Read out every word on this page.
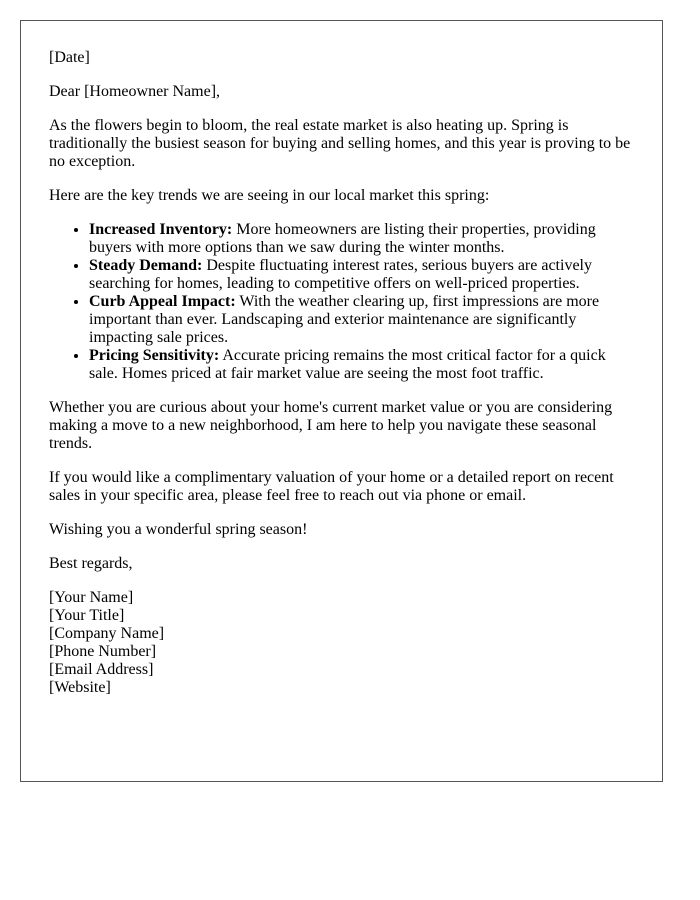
[Date]

Dear [Homeowner Name],

As the flowers begin to bloom, the real estate market is also heating up. Spring is traditionally the busiest season for buying and selling homes, and this year is proving to be no exception.

Here are the key trends we are seeing in our local market this spring:

• Increased Inventory: More homeowners are listing their properties, providing buyers with more options than we saw during the winter months.
• Steady Demand: Despite fluctuating interest rates, serious buyers are actively searching for homes, leading to competitive offers on well-priced properties.
• Curb Appeal Impact: With the weather clearing up, first impressions are more important than ever. Landscaping and exterior maintenance are significantly impacting sale prices.
• Pricing Sensitivity: Accurate pricing remains the most critical factor for a quick sale. Homes priced at fair market value are seeing the most foot traffic.

Whether you are curious about your home's current market value or you are considering making a move to a new neighborhood, I am here to help you navigate these seasonal trends.

If you would like a complimentary valuation of your home or a detailed report on recent sales in your specific area, please feel free to reach out via phone or email.

Wishing you a wonderful spring season!

Best regards,

[Your Name]
[Your Title]
[Company Name]
[Phone Number]
[Email Address]
[Website]
